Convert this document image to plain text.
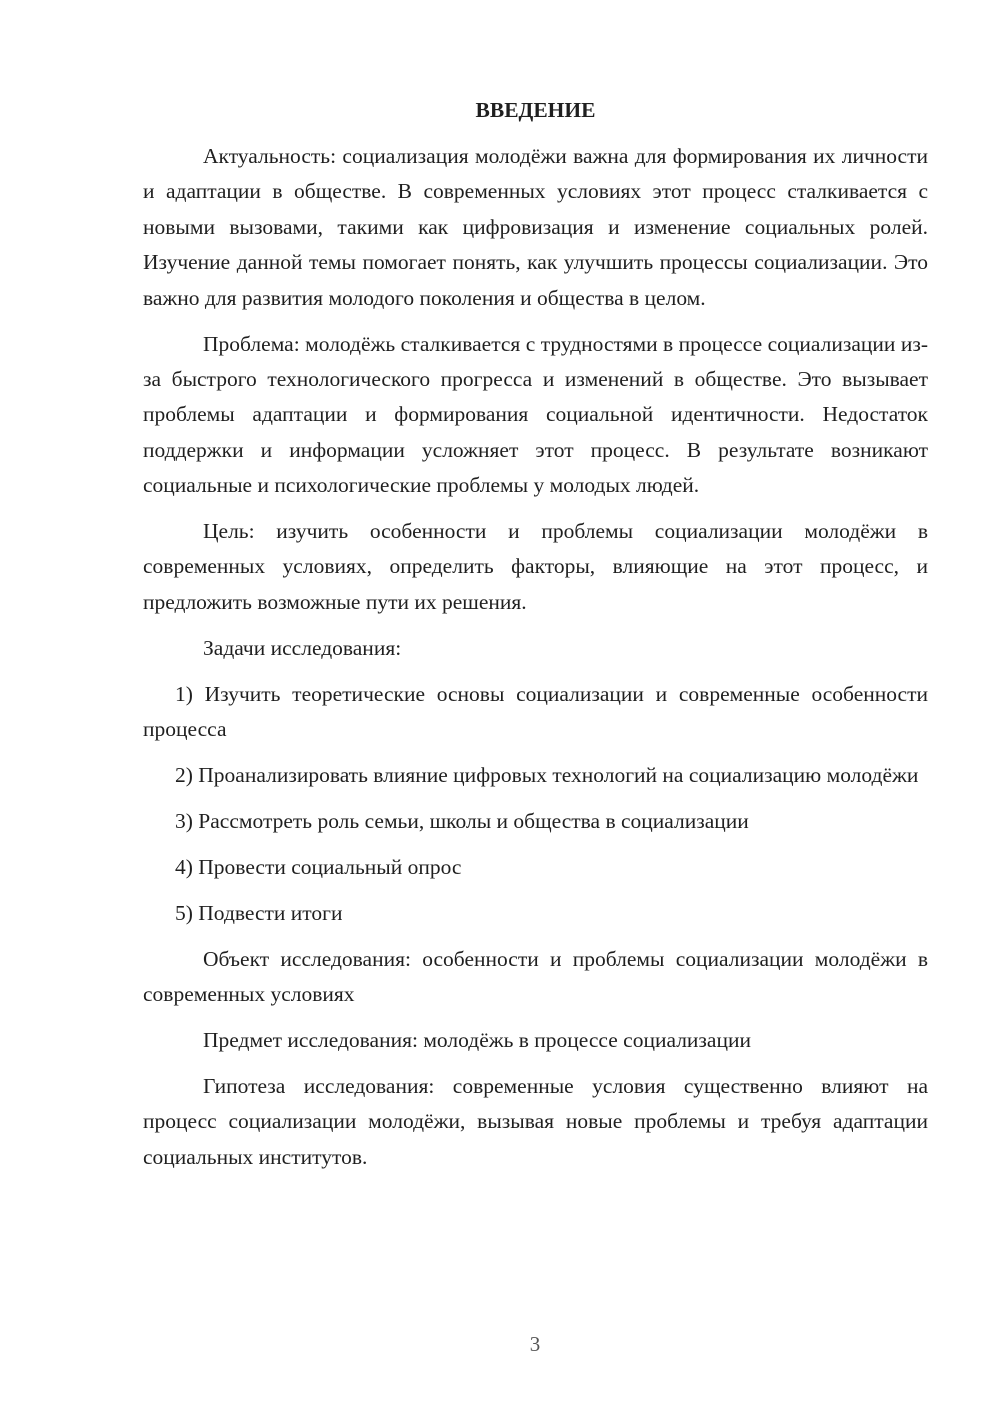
ВВЕДЕНИЕ

Актуальность: социализация молодёжи важна для формирования их личности и адаптации в обществе. В современных условиях этот процесс сталкивается с новыми вызовами, такими как цифровизация и изменение социальных ролей. Изучение данной темы помогает понять, как улучшить процессы социализации. Это важно для развития молодого поколения и общества в целом.

Проблема: молодёжь сталкивается с трудностями в процессе социализации из-за быстрого технологического прогресса и изменений в обществе. Это вызывает проблемы адаптации и формирования социальной идентичности. Недостаток поддержки и информации усложняет этот процесс. В результате возникают социальные и психологические проблемы у молодых людей.

Цель: изучить особенности и проблемы социализации молодёжи в современных условиях, определить факторы, влияющие на этот процесс, и предложить возможные пути их решения.

Задачи исследования:

1) Изучить теоретические основы социализации и современные особенности процесса

2) Проанализировать влияние цифровых технологий на социализацию молодёжи

3) Рассмотреть роль семьи, школы и общества в социализации

4) Провести социальный опрос

5) Подвести итоги

Объект исследования: особенности и проблемы социализации молодёжи в современных условиях

Предмет исследования: молодёжь в процессе социализации

Гипотеза исследования: современные условия существенно влияют на процесс социализации молодёжи, вызывая новые проблемы и требуя адаптации социальных институтов.

3
